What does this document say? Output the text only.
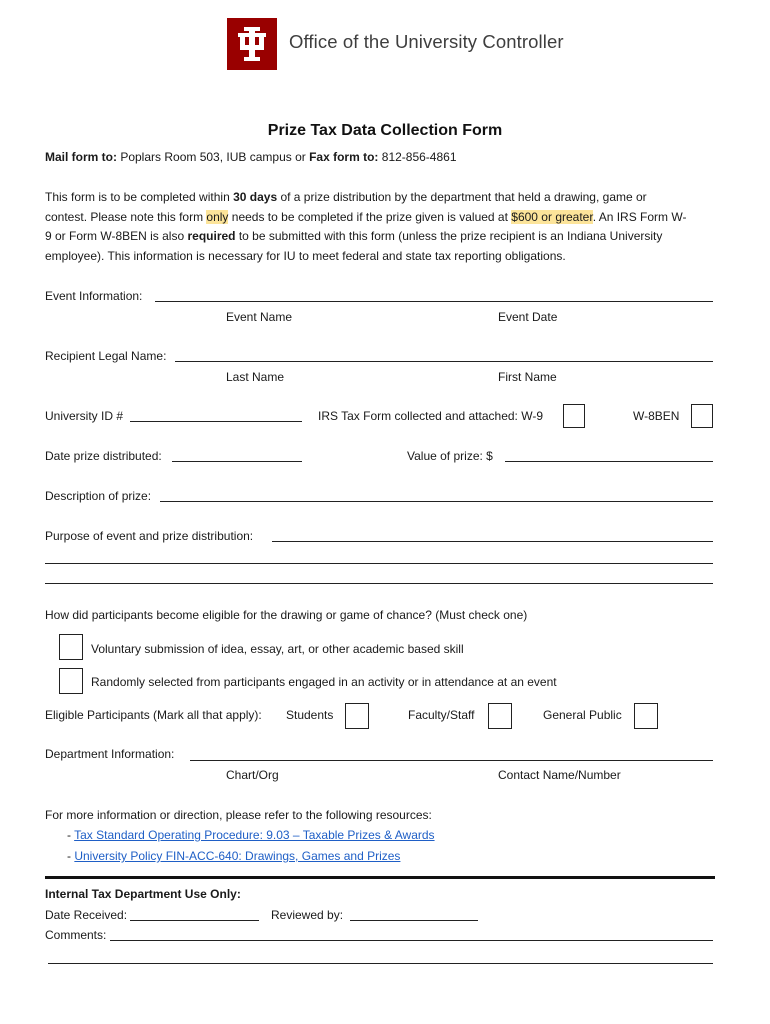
Office of the University Controller
Prize Tax Data Collection Form
Mail form to: Poplars Room 503, IUB campus or Fax form to: 812-856-4861
This form is to be completed within 30 days of a prize distribution by the department that held a drawing, game or
contest. Please note this form only needs to be completed if the prize given is valued at $600 or greater. An IRS Form W-
9 or Form W-8BEN is also required to be submitted with this form (unless the prize recipient is an Indiana University
employee). This information is necessary for IU to meet federal and state tax reporting obligations.
Event Information:
Event Name	Event Date
Recipient Legal Name:
Last Name	First Name
University ID #	IRS Tax Form collected and attached: W-9	W-8BEN
Date prize distributed:	Value of prize: $
Description of prize:
Purpose of event and prize distribution:
How did participants become eligible for the drawing or game of chance? (Must check one)
Voluntary submission of idea, essay, art, or other academic based skill
Randomly selected from participants engaged in an activity or in attendance at an event
Eligible Participants (Mark all that apply): Students	Faculty/Staff	General Public
Department Information:
Chart/Org	Contact Name/Number
For more information or direction, please refer to the following resources:
- Tax Standard Operating Procedure: 9.03 – Taxable Prizes & Awards
- University Policy FIN-ACC-640: Drawings, Games and Prizes
Internal Tax Department Use Only:
Date Received:	Reviewed by:
Comments:
